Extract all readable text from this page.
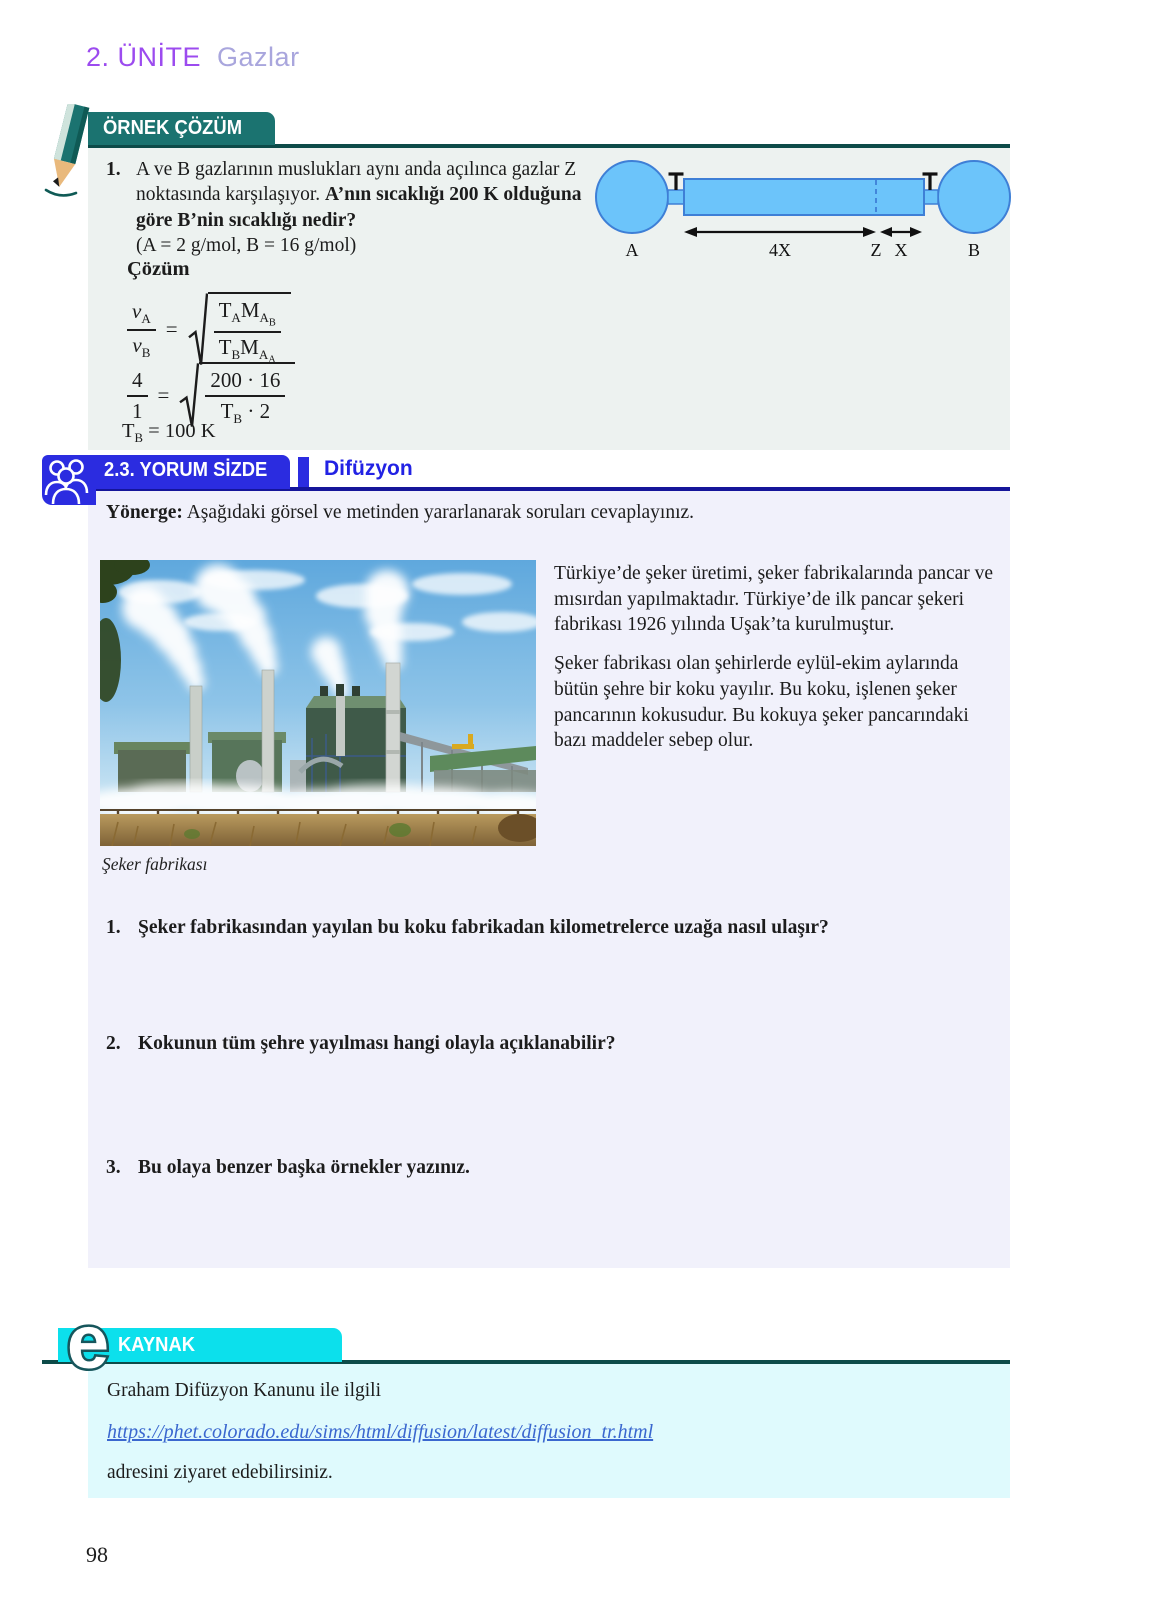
2. ÜNİTE Gazlar
ÖRNEK ÇÖZÜM
1. A ve B gazlarının muslukları aynı anda açılınca gazlar Z noktasında karşılaşıyor. A’nın sıcaklığı 200 K olduğuna göre B’nin sıcaklığı nedir?
(A = 2 g/mol, B = 16 g/mol)	A	4X	Z X	B
Çözüm
$\frac{\nu_A}{\nu_B} = \frac{T_AM_{A_B}}{T_BM_{A_A}}$
$\frac{4}{1} = \frac{200 \cdot 16}{T_B \cdot 2}$
$T_B = 100$ K
2.3. YORUM SİZDE	Difüzyon
Yönerge: Aşağıdaki görsel ve metinden yararlanarak soruları cevaplayınız.
Şeker fabrikası

Türkiye’de şeker üretimi, şeker fabrikalarında pancar ve mısırdan yapılmaktadır. Türkiye’de ilk pancar şekeri fabrikası 1926 yılında Uşak’ta kurulmuştur.

Şeker fabrikası olan şehirlerde eylül-ekim aylarında bütün şehre bir koku yayılır. Bu koku, işlenen şeker pancarının kokusudur. Bu kokuya şeker pancarındaki bazı maddeler sebep olur.

1. Şeker fabrikasından yayılan bu koku fabrikadan kilometrelerce uzağa nasıl ulaşır?
2. Kokunun tüm şehre yayılması hangi olayla açıklanabilir?
3. Bu olaya benzer başka örnekler yazınız.
KAYNAK
e
Graham Difüzyon Kanunu ile ilgili
https://phet.colorado.edu/sims/html/diffusion/latest/diffusion_tr.html
adresini ziyaret edebilirsiniz.
98
